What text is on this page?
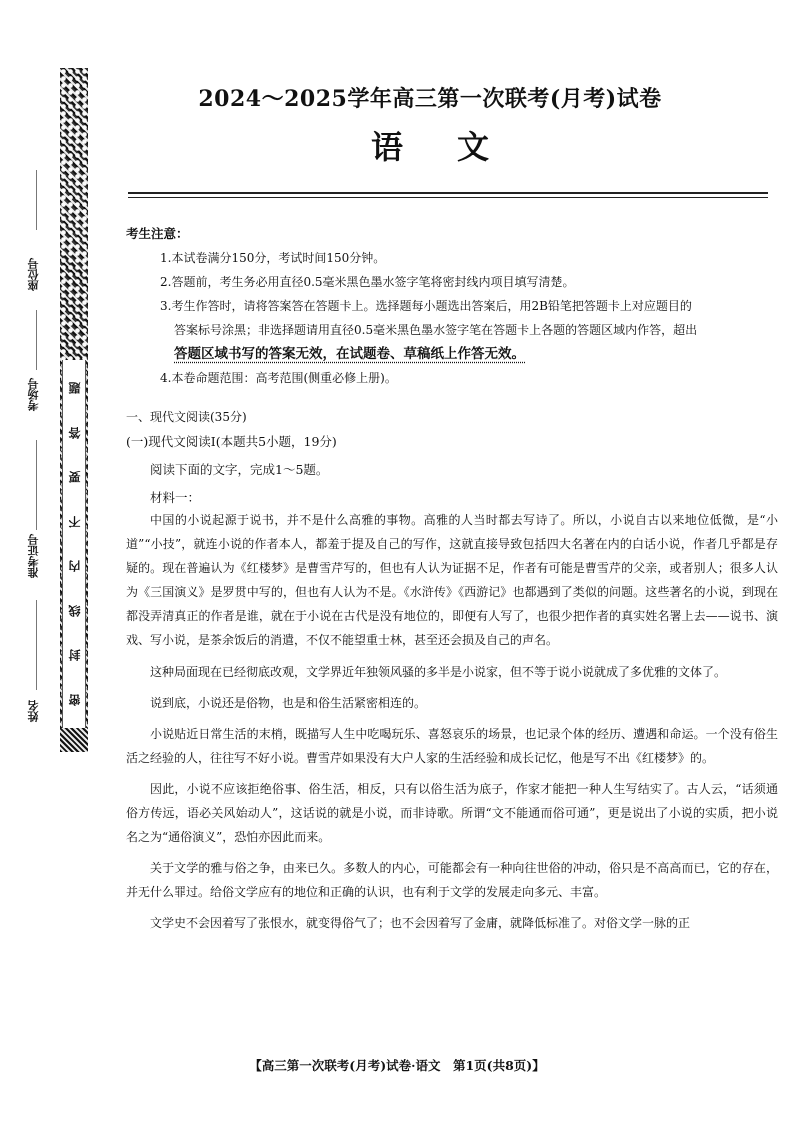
题
答
要
不
内
线
封
密
座位号
考场号
准考证号
姓名
2024～2025学年高三第一次联考(月考)试卷
语文
考生注意：
1.本试卷满分150分，考试时间150分钟。
2.答题前，考生务必用直径0.5毫米黑色墨水签字笔将密封线内项目填写清楚。
3.考生作答时，请将答案答在答题卡上。选择题每小题选出答案后，用2B铅笔把答题卡上对应题目的
答案标号涂黑；非选择题请用直径0.5毫米黑色墨水签字笔在答题卡上各题的答题区域内作答，超出
答题区域书写的答案无效，在试题卷、草稿纸上作答无效。
4.本卷命题范围：高考范围(侧重必修上册)。
一、现代文阅读(35分)
(一)现代文阅读Ⅰ(本题共5小题，19分)
阅读下面的文字，完成1～5题。
材料一：

中国的小说起源于说书，并不是什么高雅的事物。高雅的人当时都去写诗了。所以，小说自古以来地位低微，是“小道”“小技”，就连小说的作者本人，都羞于提及自己的写作，这就直接导致包括四大名著在内的白话小说，作者几乎都是存疑的。现在普遍认为《红楼梦》是曹雪芹写的，但也有人认为证据不足，作者有可能是曹雪芹的父亲，或者别人；很多人认为《三国演义》是罗贯中写的，但也有人认为不是。《水浒传》《西游记》也都遇到了类似的问题。这些著名的小说，到现在都没弄清真正的作者是谁，就在于小说在古代是没有地位的，即便有人写了，也很少把作者的真实姓名署上去——说书、演戏、写小说，是茶余饭后的消遣，不仅不能望重士林，甚至还会损及自己的声名。

这种局面现在已经彻底改观，文学界近年独领风骚的多半是小说家，但不等于说小说就成了多优雅的文体了。

说到底，小说还是俗物，也是和俗生活紧密相连的。

小说贴近日常生活的末梢，既描写人生中吃喝玩乐、喜怒哀乐的场景，也记录个体的经历、遭遇和命运。一个没有俗生活之经验的人，往往写不好小说。曹雪芹如果没有大户人家的生活经验和成长记忆，他是写不出《红楼梦》的。

因此，小说不应该拒绝俗事、俗生活，相反，只有以俗生活为底子，作家才能把一种人生写结实了。古人云，“话须通俗方传远，语必关风始动人”，这话说的就是小说，而非诗歌。所谓“文不能通而俗可通”，更是说出了小说的实质，把小说名之为“通俗演义”，恐怕亦因此而来。

关于文学的雅与俗之争，由来已久。多数人的内心，可能都会有一种向往世俗的冲动，俗只是不高高而已，它的存在，并无什么罪过。给俗文学应有的地位和正确的认识，也有利于文学的发展走向多元、丰富。

文学史不会因着写了张恨水，就变得俗气了；也不会因着写了金庸，就降低标准了。对俗文学一脉的正

【高三第一次联考(月考)试卷·语文　第1页(共8页)】
